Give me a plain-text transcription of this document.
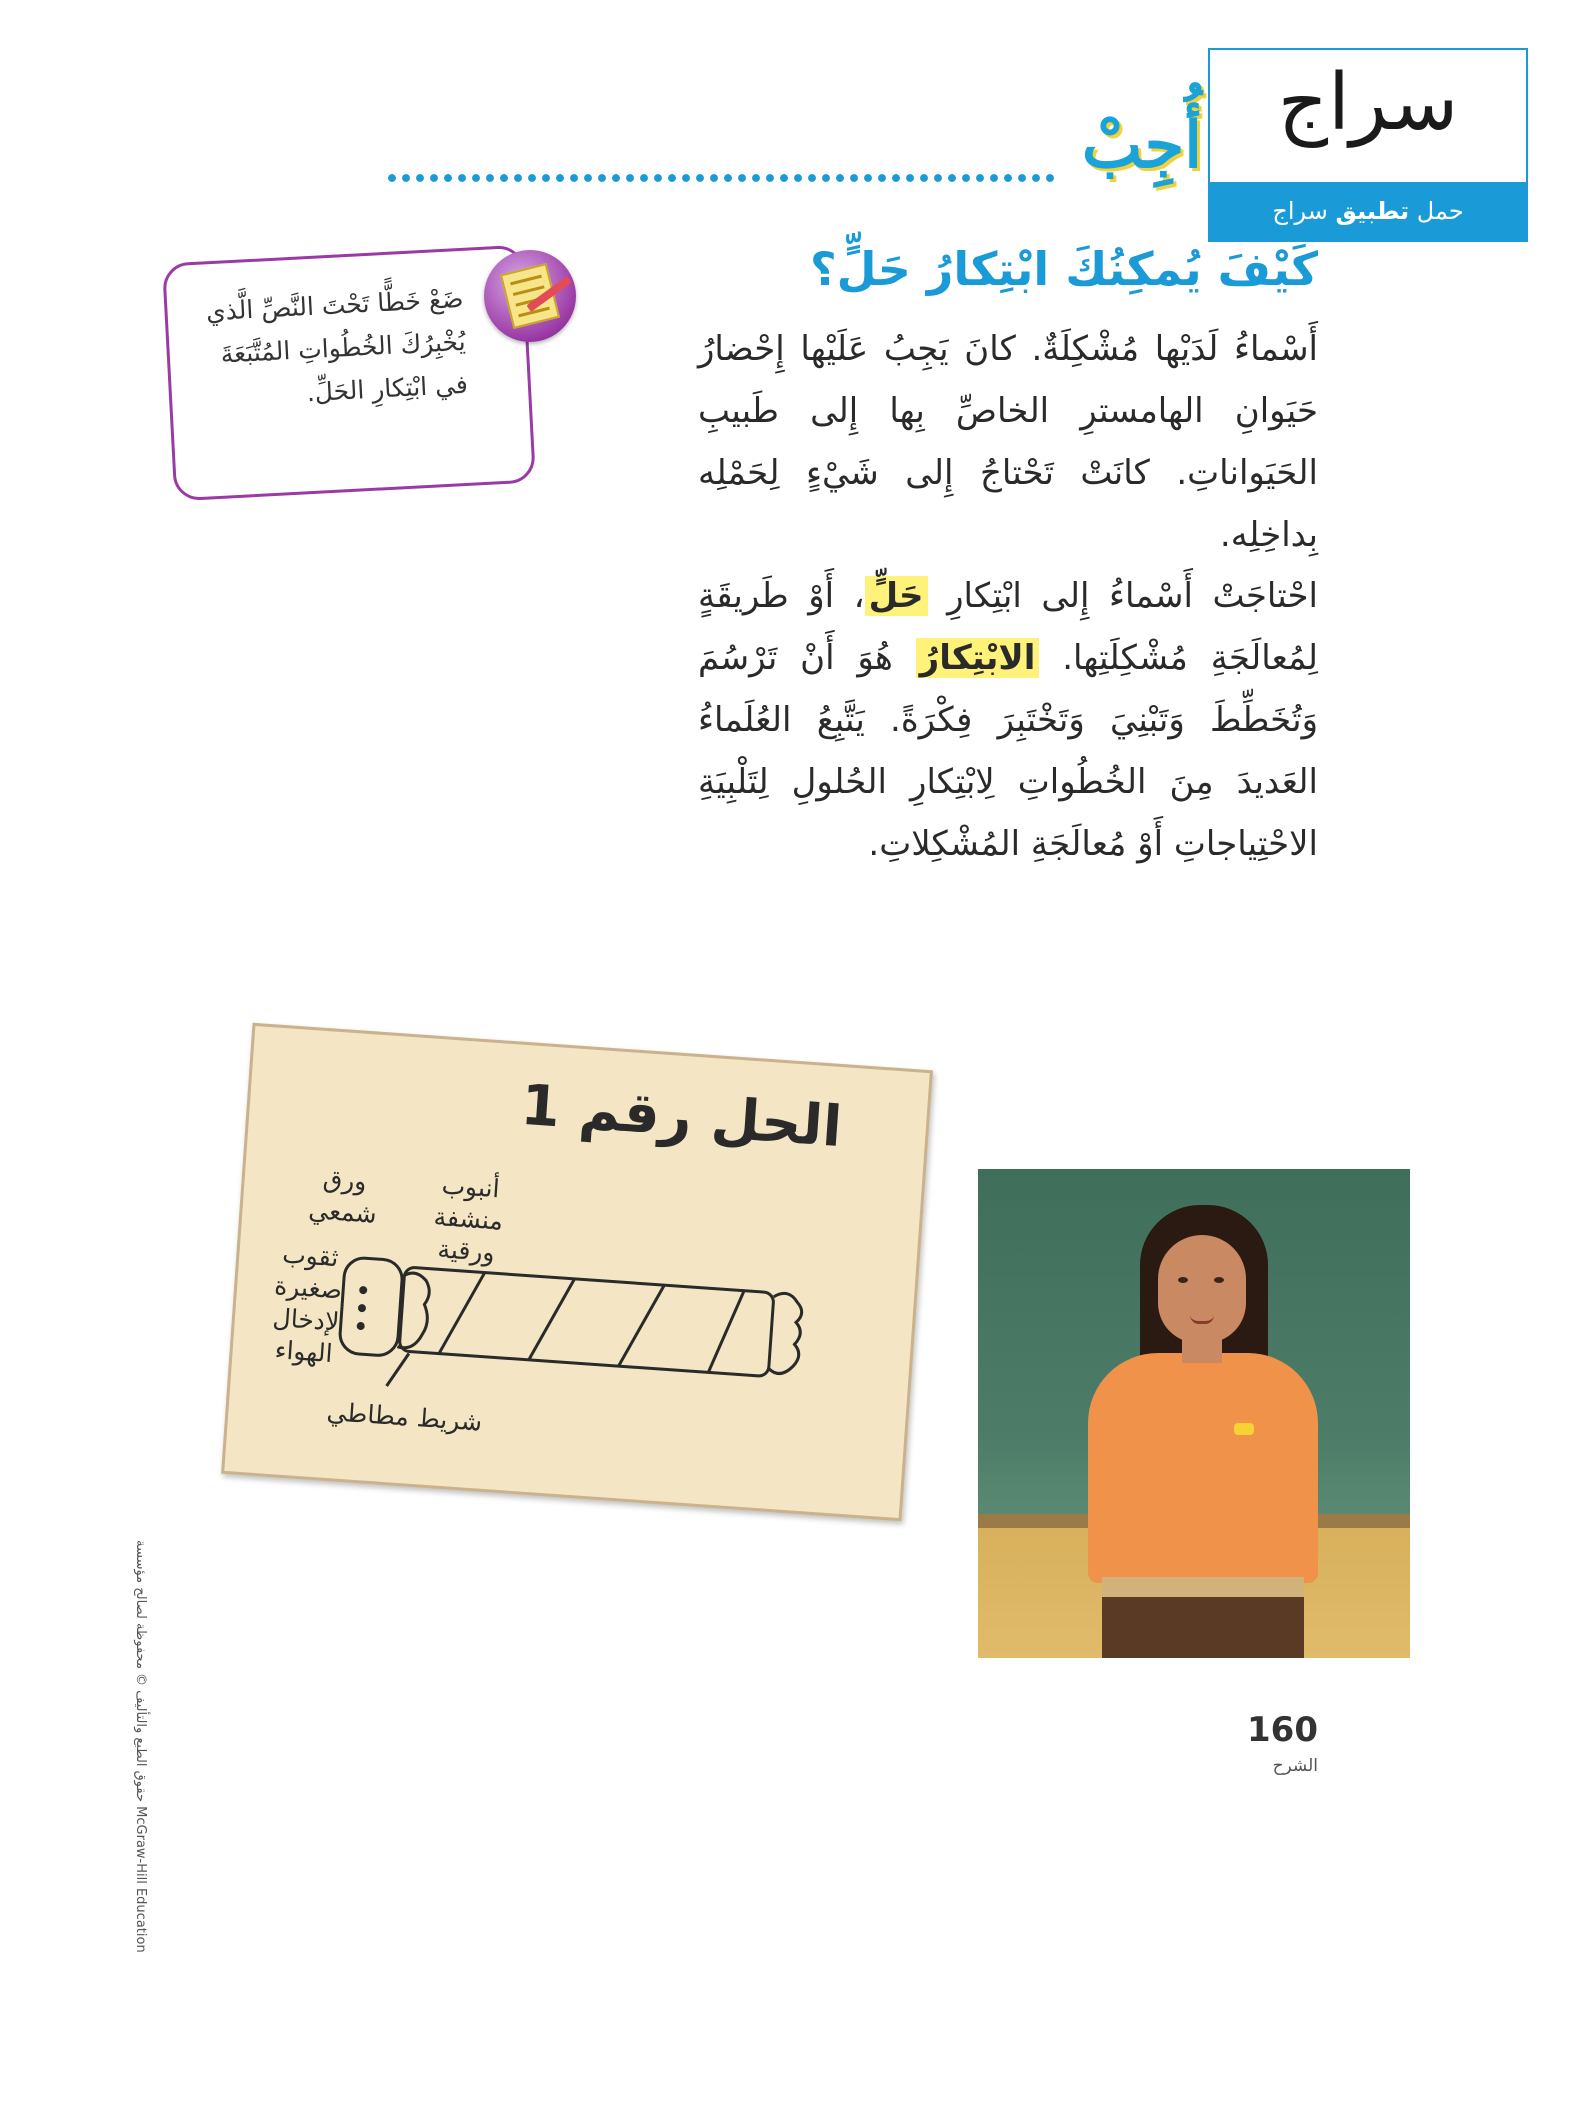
سراج
حمل تطبيق سراج
أُجِبْ
كَيْفَ يُمكِنُكَ ابْتِكارُ حَلٍّ؟
أَسْماءُ لَدَيْها مُشْكِلَةٌ. كانَ يَجِبُ عَلَيْها إِحْضارُ حَيَوانِ الهامسترِ الخاصِّ بِها إِلى طَبيبِ الحَيَواناتِ. كانَتْ تَحْتاجُ إِلى شَيْءٍ لِحَمْلِه بِداخِلِه.
احْتاجَتْ أَسْماءُ إِلى ابْتِكارِ حَلٍّ، أَوْ طَريقَةٍ لِمُعالَجَةِ مُشْكِلَتِها. الابْتِكارُ هُوَ أَنْ تَرْسُمَ وَتُخَطِّطَ وَتَبْنِيَ وَتَخْتَبِرَ فِكْرَةً. يَتَّبِعُ العُلَماءُ العَديدَ مِنَ الخُطُواتِ لِابْتِكارِ الحُلولِ لِتَلْبِيَةِ الاحْتِياجاتِ أَوْ مُعالَجَةِ المُشْكِلاتِ.
ضَعْ خَطًّا تَحْتَ النَّصِّ الَّذي يُخْبِرُكَ الخُطُواتِ المُتَّبَعَةَ في ابْتِكارِ الحَلِّ.
الحل رقم 1
أنبوب منشفة ورقية
ورق شمعي
ثقوب صغيرة لإدخال الهواء
شريط مطاطي
160
الشرح
McGraw-Hill Education حقوق الطبع والتأليف © محفوظة لصالح مؤسسة
